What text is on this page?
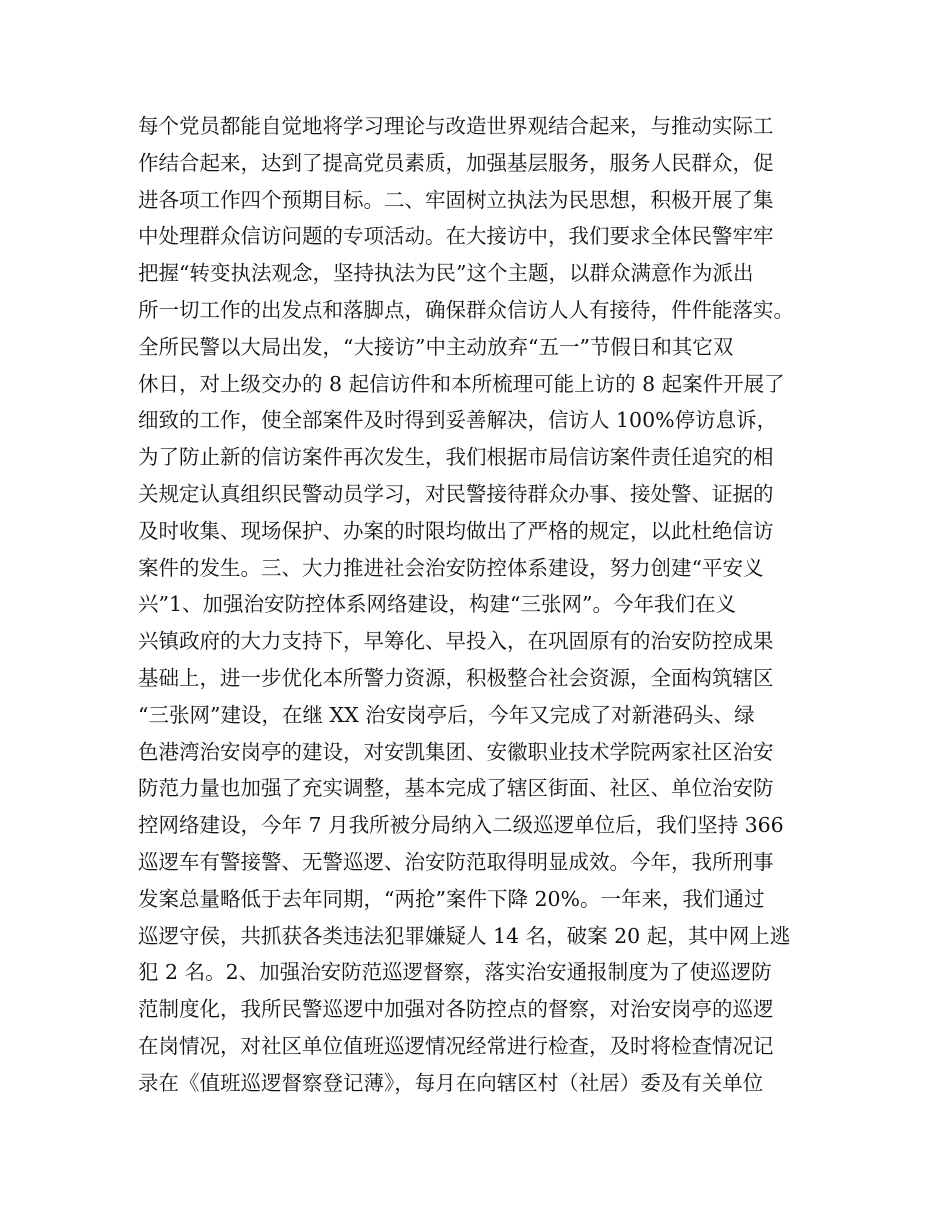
每个党员都能自觉地将学习理论与改造世界观结合起来，与推动实际工
作结合起来，达到了提高党员素质，加强基层服务，服务人民群众，促
进各项工作四个预期目标。二、牢固树立执法为民思想，积极开展了集
中处理群众信访问题的专项活动。在大接访中，我们要求全体民警牢牢
把握“转变执法观念，坚持执法为民”这个主题，以群众满意作为派出
所一切工作的出发点和落脚点，确保群众信访人人有接待，件件能落实。
全所民警以大局出发，“大接访”中主动放弃“五一”节假日和其它双
休日，对上级交办的 8 起信访件和本所梳理可能上访的 8 起案件开展了
细致的工作，使全部案件及时得到妥善解决，信访人 100%停访息诉，
为了防止新的信访案件再次发生，我们根据市局信访案件责任追究的相
关规定认真组织民警动员学习，对民警接待群众办事、接处警、证据的
及时收集、现场保护、办案的时限均做出了严格的规定，以此杜绝信访
案件的发生。三、大力推进社会治安防控体系建设，努力创建“平安义
兴”1、加强治安防控体系网络建设，构建“三张网”。今年我们在义
兴镇政府的大力支持下，早筹化、早投入，在巩固原有的治安防控成果
基础上，进一步优化本所警力资源，积极整合社会资源，全面构筑辖区
“三张网”建设，在继 XX 治安岗亭后，今年又完成了对新港码头、绿
色港湾治安岗亭的建设，对安凯集团、安徽职业技术学院两家社区治安
防范力量也加强了充实调整，基本完成了辖区街面、社区、单位治安防
控网络建设，今年 7 月我所被分局纳入二级巡逻单位后，我们坚持 366
巡逻车有警接警、无警巡逻、治安防范取得明显成效。今年，我所刑事
发案总量略低于去年同期，“两抢”案件下降 20%。一年来，我们通过
巡逻守侯，共抓获各类违法犯罪嫌疑人 14 名，破案 20 起，其中网上逃
犯 2 名。2、加强治安防范巡逻督察，落实治安通报制度为了使巡逻防
范制度化，我所民警巡逻中加强对各防控点的督察，对治安岗亭的巡逻
在岗情况，对社区单位值班巡逻情况经常进行检查，及时将检查情况记
录在《值班巡逻督察登记薄》，每月在向辖区村（社居）委及有关单位
